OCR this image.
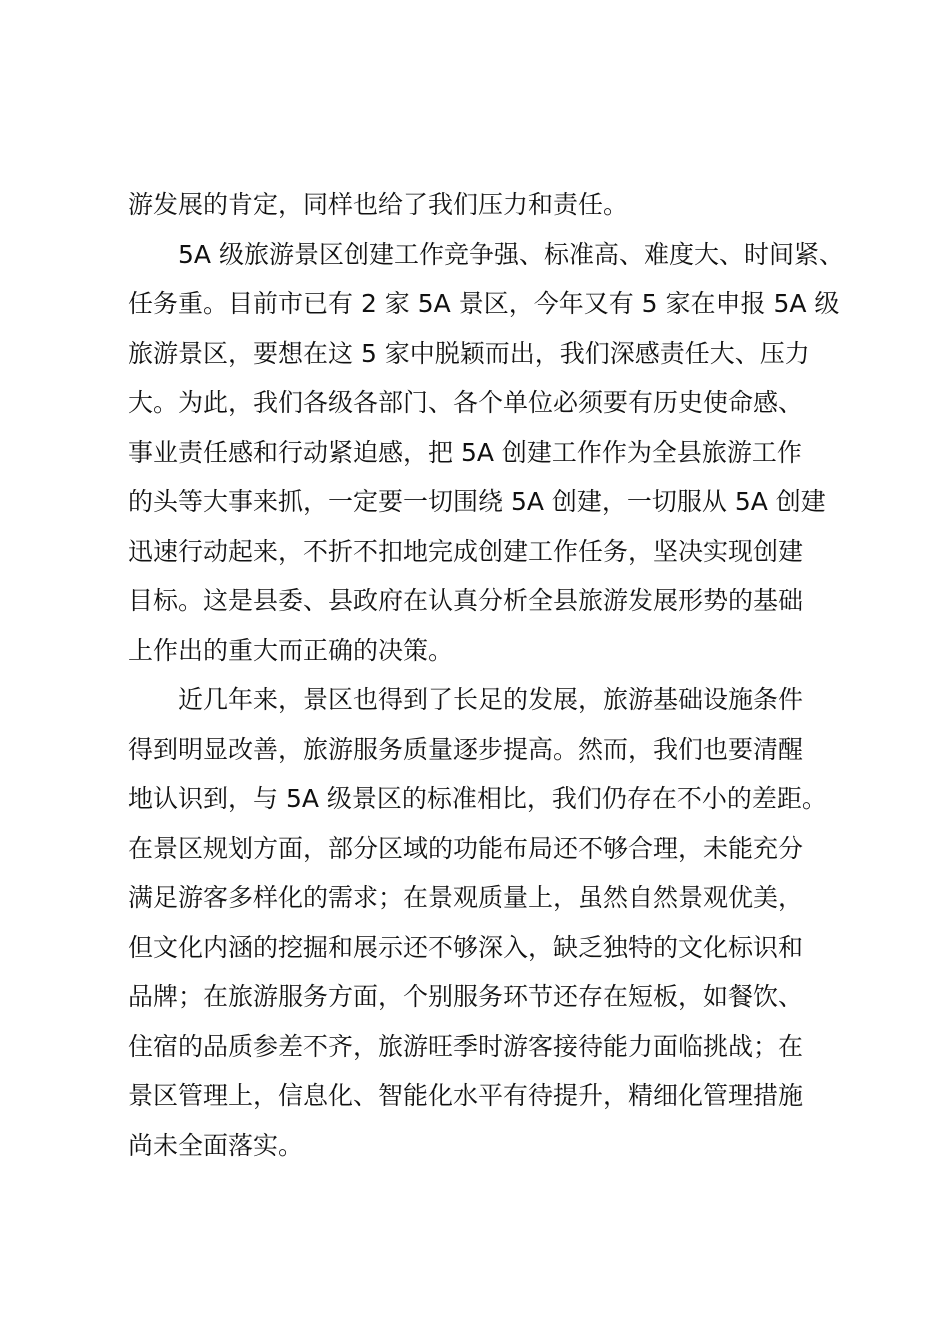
游发展的肯定，同样也给了我们压力和责任。
5A 级旅游景区创建工作竞争强、标准高、难度大、时间紧、
任务重。目前市已有 2 家 5A 景区，今年又有 5 家在申报 5A 级
旅游景区，要想在这 5 家中脱颖而出，我们深感责任大、压力
大。为此，我们各级各部门、各个单位必须要有历史使命感、
事业责任感和行动紧迫感，把 5A 创建工作作为全县旅游工作
的头等大事来抓，一定要一切围绕 5A 创建，一切服从 5A 创建
迅速行动起来，不折不扣地完成创建工作任务，坚决实现创建
目标。这是县委、县政府在认真分析全县旅游发展形势的基础
上作出的重大而正确的决策。
近几年来，景区也得到了长足的发展，旅游基础设施条件
得到明显改善，旅游服务质量逐步提高。然而，我们也要清醒
地认识到，与 5A 级景区的标准相比，我们仍存在不小的差距。
在景区规划方面，部分区域的功能布局还不够合理，未能充分
满足游客多样化的需求；在景观质量上，虽然自然景观优美，
但文化内涵的挖掘和展示还不够深入，缺乏独特的文化标识和
品牌；在旅游服务方面，个别服务环节还存在短板，如餐饮、
住宿的品质参差不齐，旅游旺季时游客接待能力面临挑战；在
景区管理上，信息化、智能化水平有待提升，精细化管理措施
尚未全面落实。
